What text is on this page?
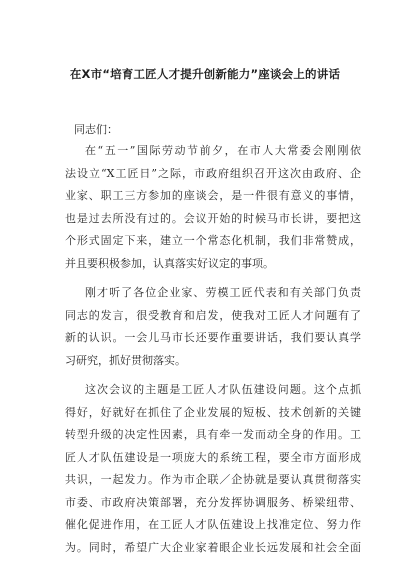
在X市“培育工匠人才提升创新能力”座谈会上的讲话
同志们：
在“五一”国际劳动节前夕，在市人大常委会刚刚依
法设立“X工匠日”之际，市政府组织召开这次由政府、企
业家、职工三方参加的座谈会，是一件很有意义的事情，
也是过去所没有过的。会议开始的时候马市长讲，要把这
个形式固定下来，建立一个常态化机制，我们非常赞成，
并且要积极参加，认真落实好议定的事项。
刚才听了各位企业家、劳模工匠代表和有关部门负责
同志的发言，很受教育和启发，使我对工匠人才问题有了
新的认识。一会儿马市长还要作重要讲话，我们要认真学
习研究，抓好贯彻落实。
这次会议的主题是工匠人才队伍建设问题。这个点抓
得好，好就好在抓住了企业发展的短板、技术创新的关键
转型升级的决定性因素，具有牵一发而动全身的作用。工
匠人才队伍建设是一项庞大的系统工程，要全市方面形成
共识，一起发力。作为市企联／企协就是要认真贯彻落实
市委、市政府决策部署，充分发挥协调服务、桥梁纽带、
催化促进作用，在工匠人才队伍建设上找准定位、努力作
为。同时，希望广大企业家着眼企业长远发展和社会全面
